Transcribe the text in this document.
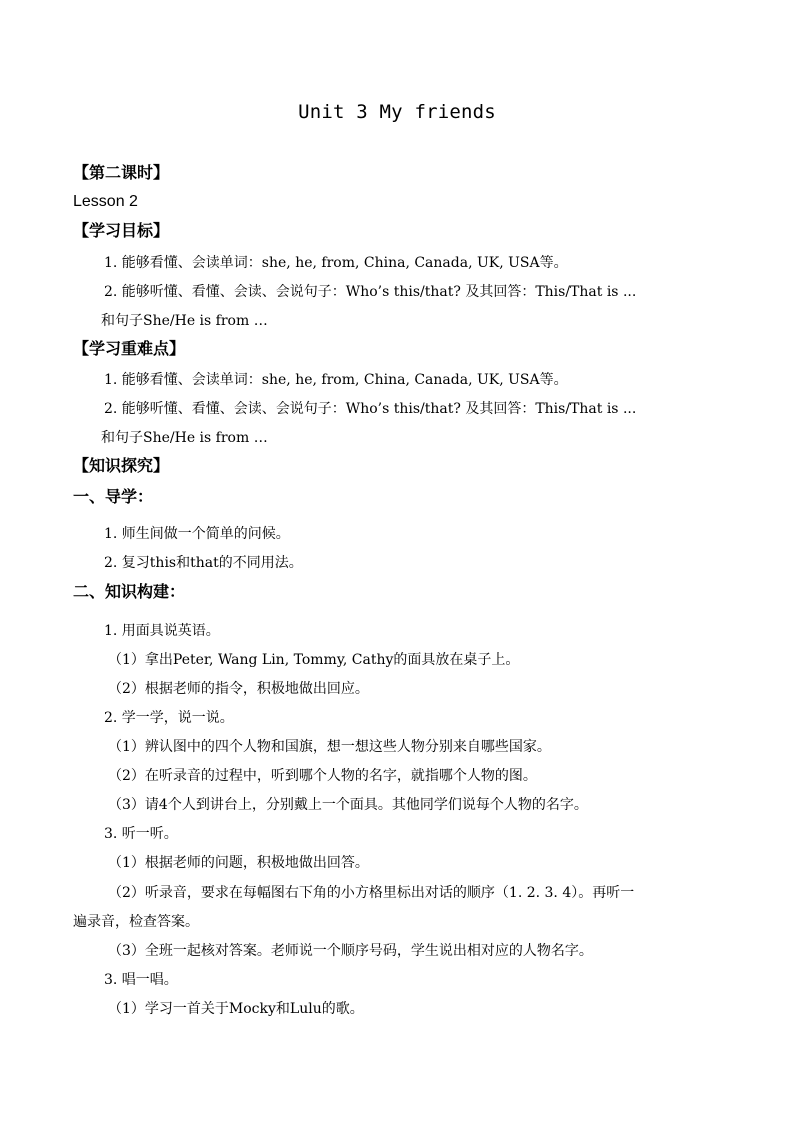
Unit 3 My friends
【第二课时】
Lesson 2
【学习目标】
1. 能够看懂、会读单词：she, he, from, China, Canada, UK, USA等。
2. 能够听懂、看懂、会读、会说句子：Who’s this/that? 及其回答：This/That is ...
和句子She/He is from …
【学习重难点】
1. 能够看懂、会读单词：she, he, from, China, Canada, UK, USA等。
2. 能够听懂、看懂、会读、会说句子：Who’s this/that? 及其回答：This/That is ...
和句子She/He is from …
【知识探究】
一、导学：
1. 师生间做一个简单的问候。
2. 复习this和that的不同用法。
二、知识构建：
1. 用面具说英语。
（1）拿出Peter, Wang Lin, Tommy, Cathy的面具放在桌子上。
（2）根据老师的指令，积极地做出回应。
2. 学一学，说一说。
（1）辨认图中的四个人物和国旗，想一想这些人物分别来自哪些国家。
（2）在听录音的过程中，听到哪个人物的名字，就指哪个人物的图。
（3）请4个人到讲台上，分别戴上一个面具。其他同学们说每个人物的名字。
3. 听一听。
（1）根据老师的问题，积极地做出回答。
（2）听录音，要求在每幅图右下角的小方格里标出对话的顺序（1. 2. 3. 4）。再听一
遍录音，检查答案。
（3）全班一起核对答案。老师说一个顺序号码，学生说出相对应的人物名字。
3. 唱一唱。
（1）学习一首关于Mocky和Lulu的歌。
